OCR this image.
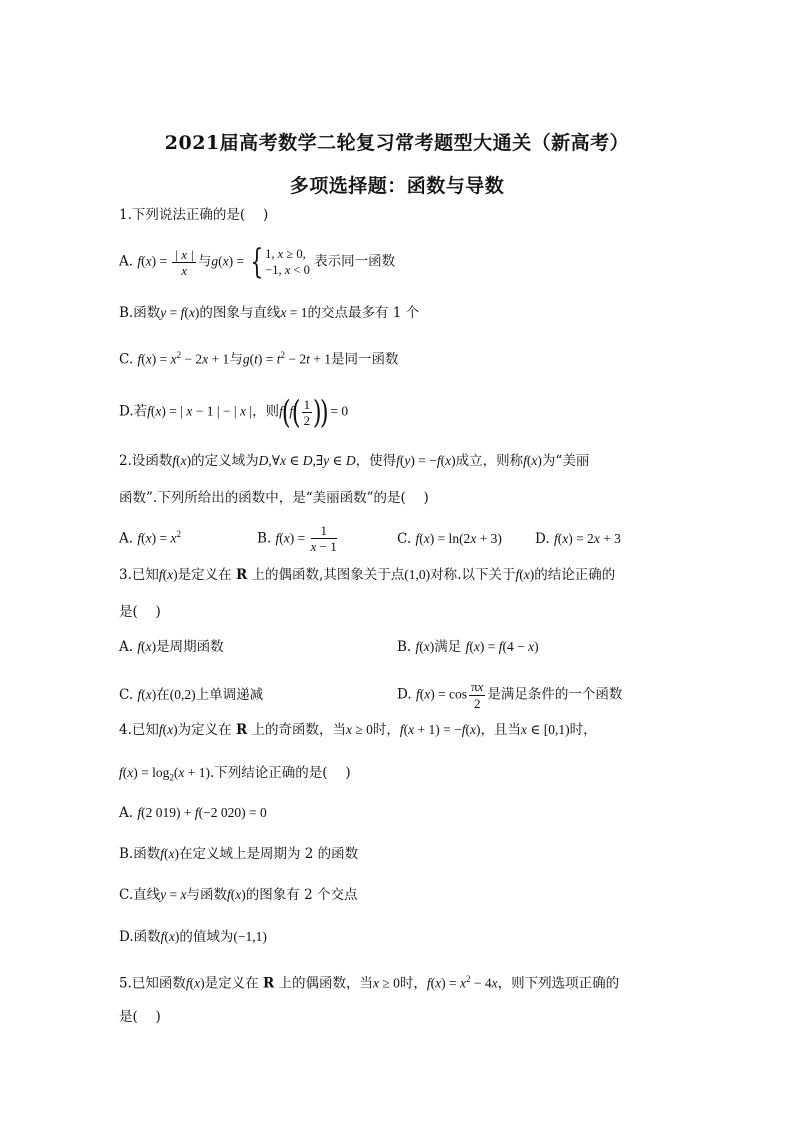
2021届高考数学二轮复习常考题型大通关（新高考）
多项选择题：函数与导数
1.下列说法正确的是(　 )
A. $f(x) = \frac{| x |}{x}$ 与g(x) = { 1, x ≥ 0,
−1, x < 0 表示同一函数
B.函数y = f(x)的图象与直线x = 1的交点最多有 1 个
C. $f(x) = x^2 - 2x + 1$与$g(t) = t^2 - 2t + 1$是同一函数
D.若f(x) = | x − 1 | − | x |，则$f(f( \frac{1}{2}$ )) = 0
2.设函数f(x)的定义域为D,∀x ∈ D,∃y ∈ D，使得f(y) = −f(x)成立，则称f(x)为“美丽
函数”.下列所给出的函数中，是“美丽函数”的是(　 )
A. $f(x) = x^2$	B. $f(x) = \frac{1}{x - 1}$	C. f(x) = ln(2x + 3) D. f(x) = 2x + 3
3.已知f(x)是定义在 R 上的偶函数,其图象关于点(1,0)对称.以下关于f(x)的结论正确的
是(　 )
A. f(x)是周期函数	B. f(x)满足 f(x) = f(4 − x)
C. f(x)在(0,2)上单调递减	D. $f(x) = \cos \frac{\pi x}{2}$ 是满足条件的一个函数
4.已知f(x)为定义在 R 上的奇函数，当x ≥ 0时，f(x + 1) = −f(x)，且当x ∈ [0,1)时，
$f(x) = \log_2(x + 1)$.下列结论正确的是(　 )
A. f(2 019) + f(−2 020) = 0
B.函数f(x)在定义域上是周期为 2 的函数
C.直线y = x与函数f(x)的图象有 2 个交点
D.函数f(x)的值域为(−1,1)
5.已知函数f(x)是定义在 R 上的偶函数，当x ≥ 0时，$f(x) = x^2 - 4x$，则下列选项正确的
是(　 )
